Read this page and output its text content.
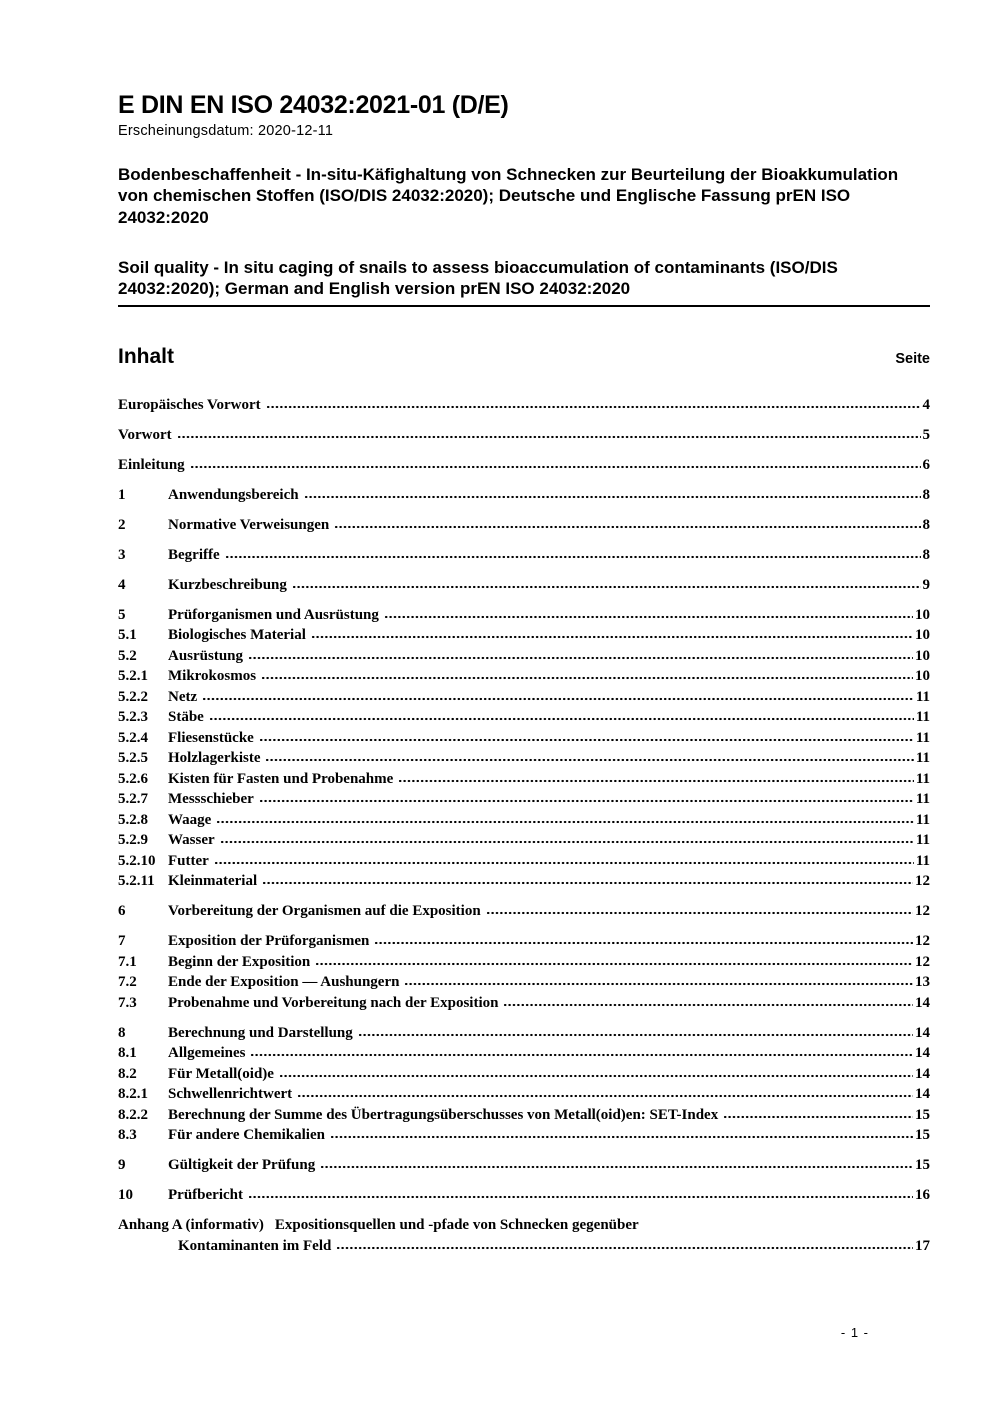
E DIN EN ISO 24032:2021-01 (D/E)
Erscheinungsdatum: 2020-12-11

Bodenbeschaffenheit - In-situ-Käfighaltung von Schnecken zur Beurteilung der Bioakkumulation von chemischen Stoffen (ISO/DIS 24032:2020); Deutsche und Englische Fassung prEN ISO 24032:2020

Soil quality - In situ caging of snails to assess bioaccumulation of contaminants (ISO/DIS 24032:2020); German and English version prEN ISO 24032:2020

Inhalt	Seite
Europäisches Vorwort	4
Vorwort	5
Einleitung	6
1	Anwendungsbereich	8
2	Normative Verweisungen	8
3	Begriffe	8
4	Kurzbeschreibung	9
5	Prüforganismen und Ausrüstung	10
5.1	Biologisches Material	10
5.2	Ausrüstung	10
5.2.1	Mikrokosmos	10
5.2.2	Netz	11
5.2.3	Stäbe	11
5.2.4	Fliesenstücke	11
5.2.5	Holzlagerkiste	11
5.2.6	Kisten für Fasten und Probenahme	11
5.2.7	Messschieber	11
5.2.8	Waage	11
5.2.9	Wasser	11
5.2.10 Futter	11
5.2.11 Kleinmaterial	12
6	Vorbereitung der Organismen auf die Exposition	12
7	Exposition der Prüforganismen	12
7.1	Beginn der Exposition	12
7.2	Ende der Exposition — Aushungern	13
7.3	Probenahme und Vorbereitung nach der Exposition	14
8	Berechnung und Darstellung	14
8.1	Allgemeines	14
8.2	Für Metall(oid)e	14
8.2.1	Schwellenrichtwert	14
8.2.2	Berechnung der Summe des Übertragungsüberschusses von Metall(oid)en: SET-Index	15
8.3	Für andere Chemikalien	15
9	Gültigkeit der Prüfung	15
10	Prüfbericht	16
Anhang A (informativ) Expositionsquellen und -pfade von Schnecken gegenüber
Kontaminanten im Feld	17
- 1 -
